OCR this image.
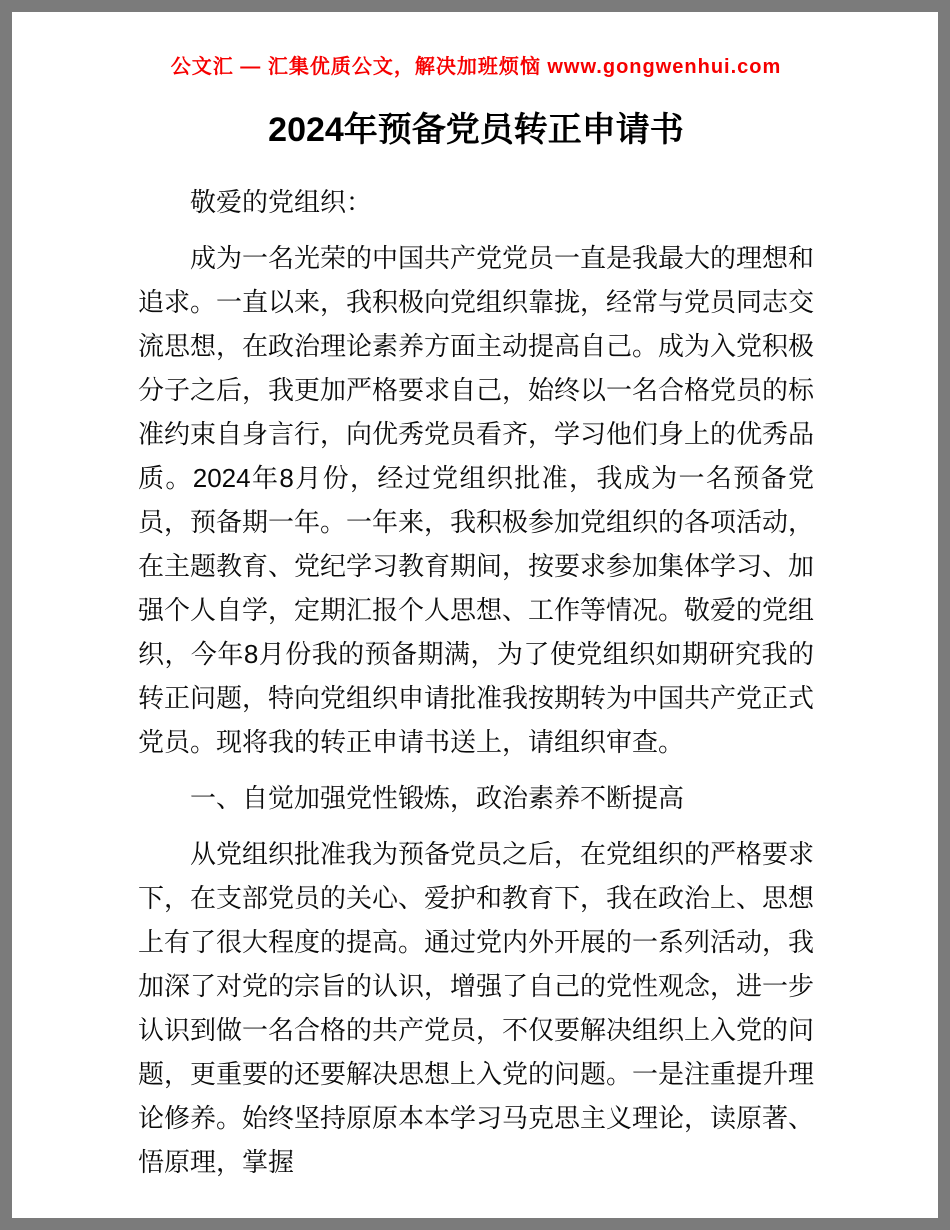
公文汇 — 汇集优质公文，解决加班烦恼 www.gongwenhui.com
2024年预备党员转正申请书

敬爱的党组织：

成为一名光荣的中国共产党党员一直是我最大的理想和追求。一直以来，我积极向党组织靠拢，经常与党员同志交流思想，在政治理论素养方面主动提高自己。成为入党积极分子之后，我更加严格要求自己，始终以一名合格党员的标准约束自身言行，向优秀党员看齐，学习他们身上的优秀品质。2024年8月份，经过党组织批准，我成为一名预备党员，预备期一年。一年来，我积极参加党组织的各项活动，在主题教育、党纪学习教育期间，按要求参加集体学习、加强个人自学，定期汇报个人思想、工作等情况。敬爱的党组织，今年8月份我的预备期满，为了使党组织如期研究我的转正问题，特向党组织申请批准我按期转为中国共产党正式党员。现将我的转正申请书送上，请组织审查。

一、自觉加强党性锻炼，政治素养不断提高

从党组织批准我为预备党员之后，在党组织的严格要求下，在支部党员的关心、爱护和教育下，我在政治上、思想上有了很大程度的提高。通过党内外开展的一系列活动，我加深了对党的宗旨的认识，增强了自己的党性观念，进一步认识到做一名合格的共产党员，不仅要解决组织上入党的问题，更重要的还要解决思想上入党的问题。一是注重提升理论修养。始终坚持原原本本学习马克思主义理论，读原著、悟原理，掌握
